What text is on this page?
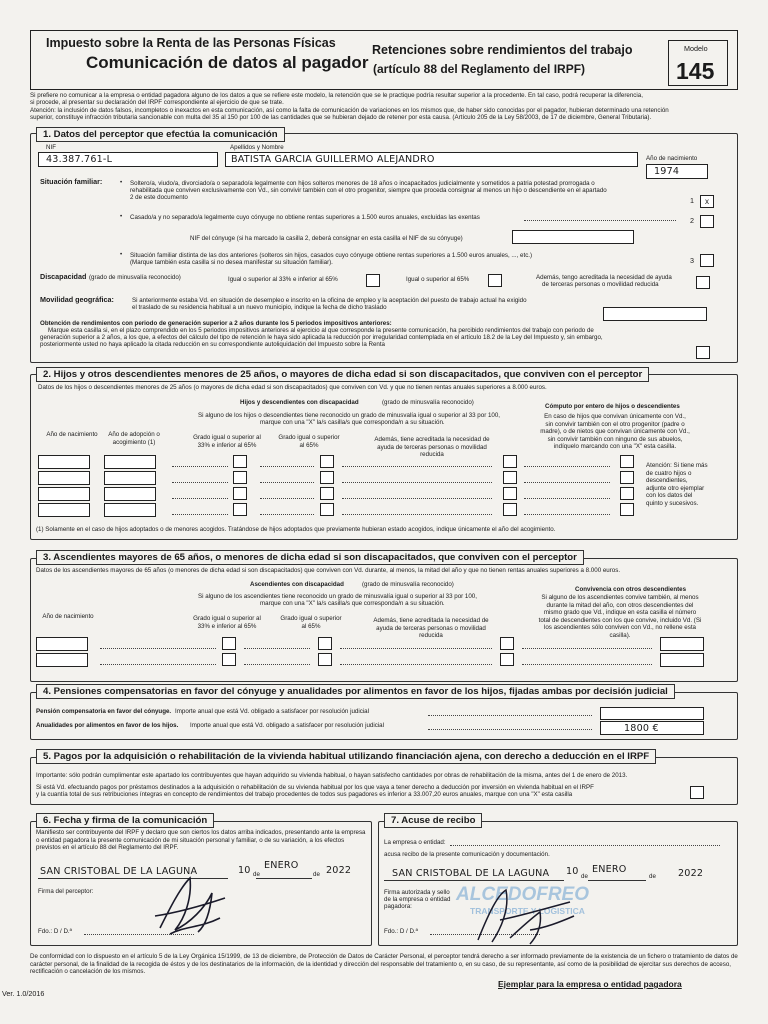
Impuesto sobre la Renta de las Personas Físicas	Retenciones sobre rendimientos del trabajo
Comunicación de datos al pagador (artículo 88 del Reglamento del IRPF)
Modelo
145
Si prefiere no comunicar a la empresa o entidad pagadora alguno de los datos a que se refiere este modelo, la retención que se le practique podría resultar superior a la procedente. En tal caso, podrá recuperar la diferencia,
si procede, al presentar su declaración del IRPF correspondiente al ejercicio de que se trate.
Atención: la inclusión de datos falsos, incompletos o inexactos en esta comunicación, así como la falta de comunicación de variaciones en los mismos que, de haber sido conocidas por el pagador, hubieran determinado una retención
superior, constituye infracción tributaria sancionable con multa del 35 al 150 por 100 de las cantidades que se hubieran dejado de retener por esta causa. (Artículo 205 de la Ley 58/2003, de 17 de diciembre, General Tributaria).
1. Datos del perceptor que efectúa la comunicación
NIF
43.387.761-L
Apellidos y Nombre
BATISTA GARCIA GUILLERMO ALEJANDRO	Año de nacimiento
1974
Situación familiar:	• Soltero/a, viudo/a, divorciado/a o separado/a legalmente con hijos solteros menores de 18 años o incapacitados judicialmente y sometidos a patria potestad prorrogada o
rehabilitada que conviven exclusivamente con Vd., sin convivir también con el otro progenitor, siempre que proceda consignar al menos un hijo o descendiente en el apartado
2 de este documento	1	x
• Casado/a y no separado/a legalmente cuyo cónyuge no obtiene rentas superiores a 1.500 euros anuales, excluidas las exentas	2
NIF del cónyuge (si ha marcado la casilla 2, deberá consignar en esta casilla el NIF de su cónyuge)
• Situación familiar distinta de las dos anteriores (solteros sin hijos, casados cuyo cónyuge obtiene rentas superiores a 1.500 euros anuales, ..., etc.)
(Marque también esta casilla si no desea manifestar su situación familiar).	3
Discapacidad (grado de minusvalía reconocido)	Igual o superior al 33% e inferior al 65%	Igual o superior al 65%	Además, tengo acreditada la necesidad de ayuda
de terceras personas o movilidad reducida
Movilidad geográfica:	Si anteriormente estaba Vd. en situación de desempleo e inscrito en la oficina de empleo y la aceptación del puesto de trabajo actual ha exigido
el traslado de su residencia habitual a un nuevo municipio, indique la fecha de dicho traslado
Obtención de rendimientos con periodo de generación superior a 2 años durante los 5 periodos impositivos anteriores:
Marque esta casilla si, en el plazo comprendido en los 5 periodos impositivos anteriores al ejercicio al que corresponde la presente comunicación, ha percibido rendimientos del trabajo con periodo de
generación superior a 2 años, a los que, a efectos del cálculo del tipo de retención le haya sido aplicada la reducción por irregularidad contemplada en el artículo 18.2 de la Ley del Impuesto y, sin embargo,
posteriormente usted no haya aplicado la citada reducción en su correspondiente autoliquidación del Impuesto sobre la Renta
2. Hijos y otros descendientes menores de 25 años, o mayores de dicha edad si son discapacitados, que conviven con el perceptor
Datos de los hijos o descendientes menores de 25 años (o mayores de dicha edad si son discapacitados) que conviven con Vd. y que no tienen rentas anuales superiores a 8.000 euros.
Hijos y descendientes con discapacidad	(grado de minusvalía reconocido)
Cómputo por entero de hijos o descendientes
Si alguno de los hijos o descendientes tiene reconocido un grado de minusvalía igual o superior al 33 por 100,
marque con una "X" la/s casilla/s que corresponda/n a su situación.
Año de nacimiento	Año de adopción o acogimiento (1)
Grado igual o superior al 33% e inferior al 65%
Grado igual o superior al 65%
Además, tiene acreditada la necesidad de ayuda de terceras personas o movilidad reducida
En caso de hijos que convivan únicamente con Vd., sin convivir también con el otro progenitor (padre o madre), o de nietos que convivan únicamente con Vd., sin convivir también con ninguno de sus abuelos, indíquelo marcando con una "X" esta casilla.
Atención: Si tiene más de cuatro hijos o descendientes, adjunte otro ejemplar con los datos del quinto y sucesivos.
(1) Solamente en el caso de hijos adoptados o de menores acogidos. Tratándose de hijos adoptados que previamente hubieran estado acogidos, indique únicamente el año del acogimiento.
3. Ascendientes mayores de 65 años, o menores de dicha edad si son discapacitados, que conviven con el perceptor
Datos de los ascendientes mayores de 65 años (o menores de dicha edad si son discapacitados) que conviven con Vd. durante, al menos, la mitad del año y que no tienen rentas anuales superiores a 8.000 euros.
Ascendientes con discapacidad	(grado de minusvalía reconocido)
Convivencia con otros descendientes
Si alguno de los ascendientes tiene reconocido un grado de minusvalía igual o superior al 33 por 100,
marque con una "X" la/s casilla/s que corresponda/n a su situación.
Año de nacimiento	Grado igual o superior al 33% e inferior al 65%
Grado igual o superior al 65%
Además, tiene acreditada la necesidad de ayuda de terceras personas o movilidad reducida
Si alguno de los ascendientes convive también, al menos durante la mitad del año, con otros descendientes del mismo grado que Vd., indique en esta casilla el número total de descendientes con los que convive, incluido Vd. (Si los ascendientes sólo conviven con Vd., no rellene esta casilla).
4. Pensiones compensatorias en favor del cónyuge y anualidades por alimentos en favor de los hijos, fijadas ambas por decisión judicial
Pensión compensatoria en favor del cónyuge. Importe anual que está Vd. obligado a satisfacer por resolución judicial
Anualidades por alimentos en favor de los hijos. Importe anual que está Vd. obligado a satisfacer por resolución judicial	1800 €
5. Pagos por la adquisición o rehabilitación de la vivienda habitual utilizando financiación ajena, con derecho a deducción en el IRPF
Importante: sólo podrán cumplimentar este apartado los contribuyentes que hayan adquirido su vivienda habitual, o hayan satisfecho cantidades por obras de rehabilitación de la misma, antes del 1 de enero de 2013.
Si está Vd. efectuando pagos por préstamos destinados a la adquisición o rehabilitación de su vivienda habitual por los que vaya a tener derecho a deducción por inversión en vivienda habitual en el IRPF
y la cuantía total de sus retribuciones íntegras en concepto de rendimientos del trabajo procedentes de todos sus pagadores es inferior a 33.007,20 euros anuales, marque con una "X" esta casilla
6. Fecha y firma de la comunicación
Manifiesto ser contribuyente del IRPF y declaro que son ciertos los datos arriba indicados, presentando ante la empresa o entidad pagadora la presente comunicación de mi situación personal y familiar, o de su variación, a los efectos previstos en el artículo 88 del Reglamento del IRPF.
SAN CRISTOBAL DE LA LAGUNA	10 de
ENERO
de 2022
Firma del perceptor:
Fdo.: D / D.ª
7. Acuse de recibo
La empresa o entidad:
acusa recibo de la presente comunicación y documentación.
SAN CRISTOBAL DE LA LAGUNA 10 de
ENERO
de 2022
Firma autorizada y sello
de la empresa o entidad
pagadora:
Fdo.: D / D.ª
ALCEDOFREO
TRANSPORTE Y LOGISTICA
De conformidad con lo dispuesto en el artículo 5 de la Ley Orgánica 15/1999, de 13 de diciembre, de Protección de Datos de Carácter Personal, el perceptor tendrá derecho a ser informado previamente de la existencia de un fichero o tratamiento de datos de carácter personal, de la finalidad de la recogida de éstos y de los destinatarios de la información, de la identidad y dirección del responsable del tratamiento o, en su caso, de su representante, así como de la posibilidad de ejercitar sus derechos de acceso, rectificación o cancelación de los mismos.
Ver. 1.0/2016
Ejemplar para la empresa o entidad pagadora
